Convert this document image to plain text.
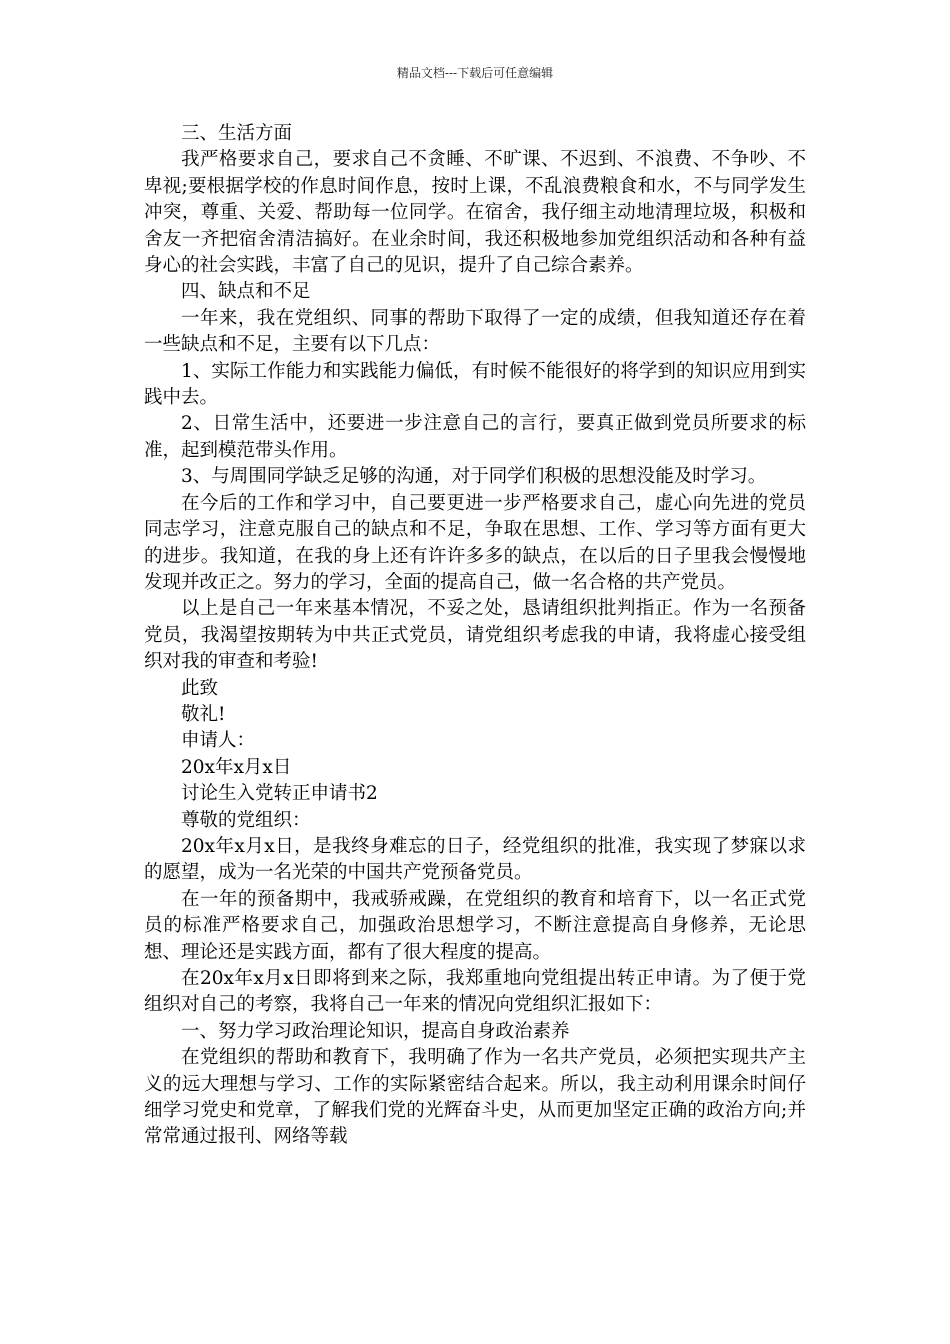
精品文档---下载后可任意编辑

三、生活方面

我严格要求自己，要求自己不贪睡、不旷课、不迟到、不浪费、不争吵、不卑视;要根据学校的作息时间作息，按时上课，不乱浪费粮食和水，不与同学发生冲突，尊重、关爱、帮助每一位同学。在宿舍，我仔细主动地清理垃圾，积极和舍友一齐把宿舍清洁搞好。在业余时间，我还积极地参加党组织活动和各种有益身心的社会实践，丰富了自己的见识，提升了自己综合素养。

四、缺点和不足

一年来，我在党组织、同事的帮助下取得了一定的成绩，但我知道还存在着一些缺点和不足，主要有以下几点：

1、实际工作能力和实践能力偏低，有时候不能很好的将学到的知识应用到实践中去。

2、日常生活中，还要进一步注意自己的言行，要真正做到党员所要求的标准，起到模范带头作用。

3、与周围同学缺乏足够的沟通，对于同学们积极的思想没能及时学习。

在今后的工作和学习中，自己要更进一步严格要求自己，虚心向先进的党员同志学习，注意克服自己的缺点和不足，争取在思想、工作、学习等方面有更大的进步。我知道，在我的身上还有许许多多的缺点，在以后的日子里我会慢慢地发现并改正之。努力的学习，全面的提高自己，做一名合格的共产党员。

以上是自己一年来基本情况，不妥之处，恳请组织批判指正。作为一名预备党员，我渴望按期转为中共正式党员，请党组织考虑我的申请，我将虚心接受组织对我的审查和考验!

此致

敬礼!

申请人：

20x年x月x日

讨论生入党转正申请书2

尊敬的党组织：

20x年x月x日，是我终身难忘的日子，经党组织的批准，我实现了梦寐以求的愿望，成为一名光荣的中国共产党预备党员。

在一年的预备期中，我戒骄戒躁，在党组织的教育和培育下，以一名正式党员的标准严格要求自己，加强政治思想学习，不断注意提高自身修养，无论思想、理论还是实践方面，都有了很大程度的提高。

在20x年x月x日即将到来之际，我郑重地向党组提出转正申请。为了便于党组织对自己的考察，我将自己一年来的情况向党组织汇报如下：

一、努力学习政治理论知识，提高自身政治素养

在党组织的帮助和教育下，我明确了作为一名共产党员，必须把实现共产主义的远大理想与学习、工作的实际紧密结合起来。所以，我主动利用课余时间仔细学习党史和党章，了解我们党的光辉奋斗史，从而更加坚定正确的政治方向;并常常通过报刊、网络等载
